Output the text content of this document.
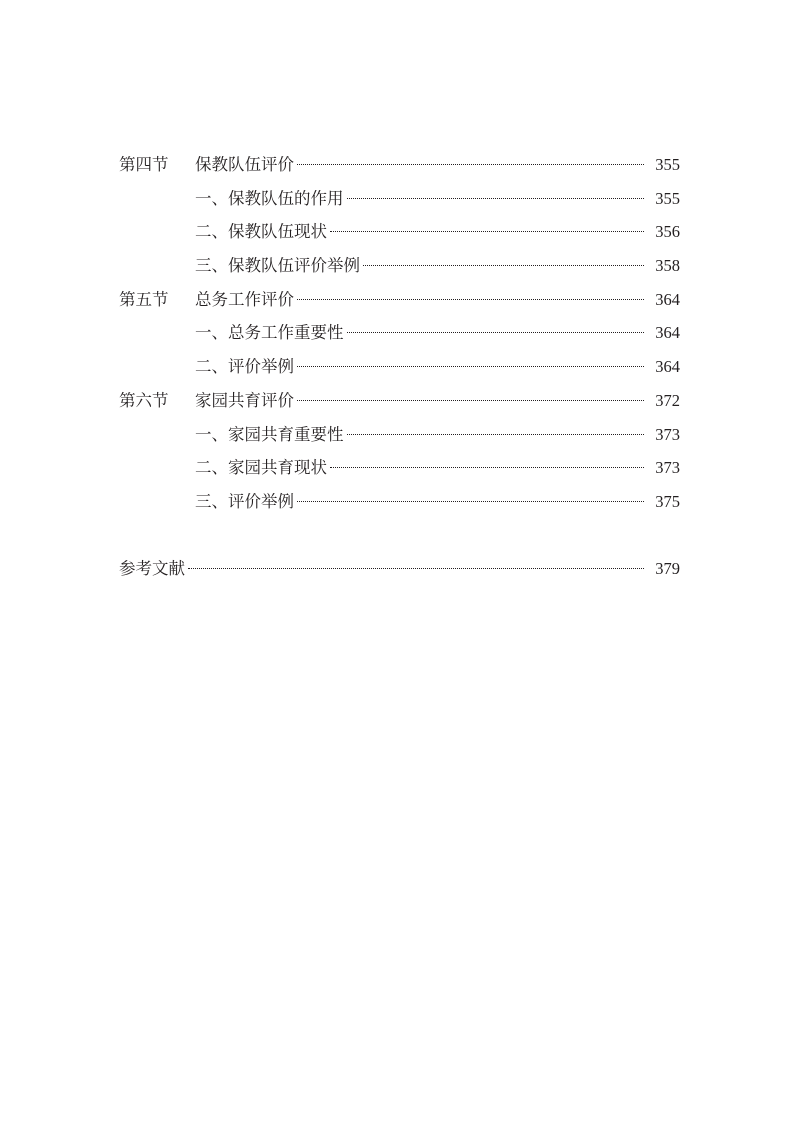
第四节	保教队伍评价	355
一、保教队伍的作用	355
二、保教队伍现状	356
三、保教队伍评价举例	358
第五节	总务工作评价	364
一、总务工作重要性	364
二、评价举例	364
第六节	家园共育评价	372
一、家园共育重要性	373
二、家园共育现状	373
三、评价举例	375
参考文献	379
